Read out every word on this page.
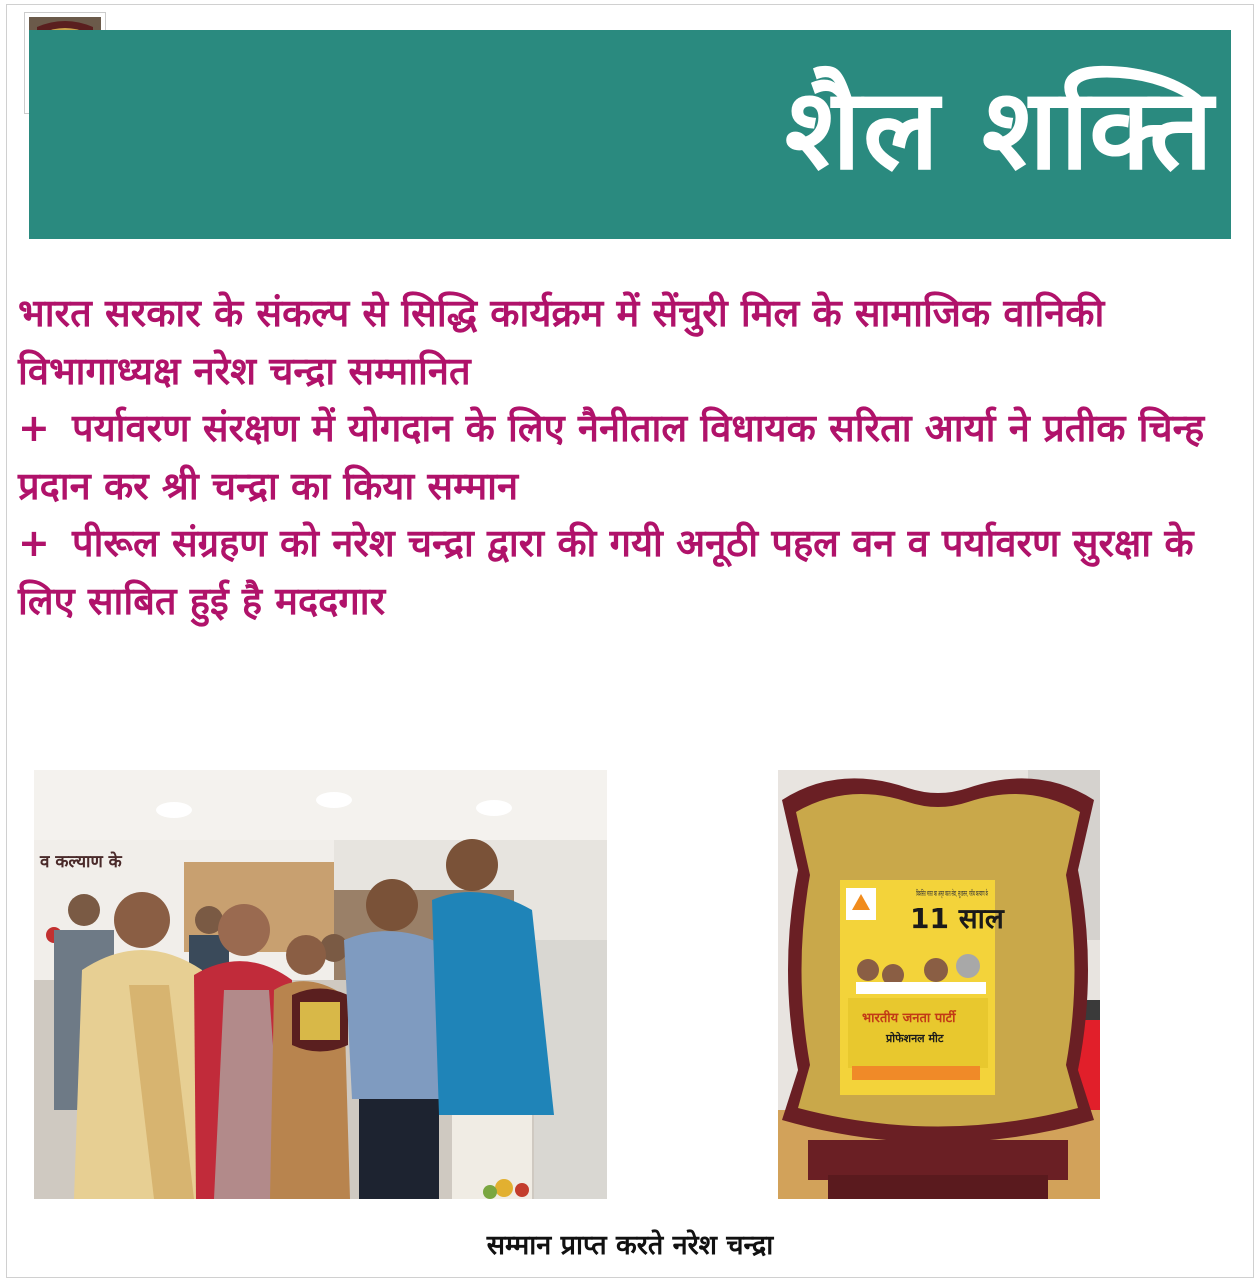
शैल शक्ति

भारत सरकार के संकल्प से सिद्धि कार्यक्रम में सेंचुरी मिल के सामाजिक वानिकी विभागाध्यक्ष नरेश चन्द्रा सम्मानित

+ पर्यावरण संरक्षण में योगदान के लिए नैनीताल विधायक सरिता आर्या ने प्रतीक चिन्ह प्रदान कर श्री चन्द्रा का किया सम्मान

+ पीरूल संग्रहण को नरेश चन्द्रा द्वारा की गयी अनूठी पहल वन व पर्यावरण सुरक्षा के लिए साबित हुई है मददगार

व कल्याण के
11 साल
भारतीय जनता पार्टी
प्रोफेशनल मीट
सम्मान प्राप्त करते नरेश चन्द्रा
